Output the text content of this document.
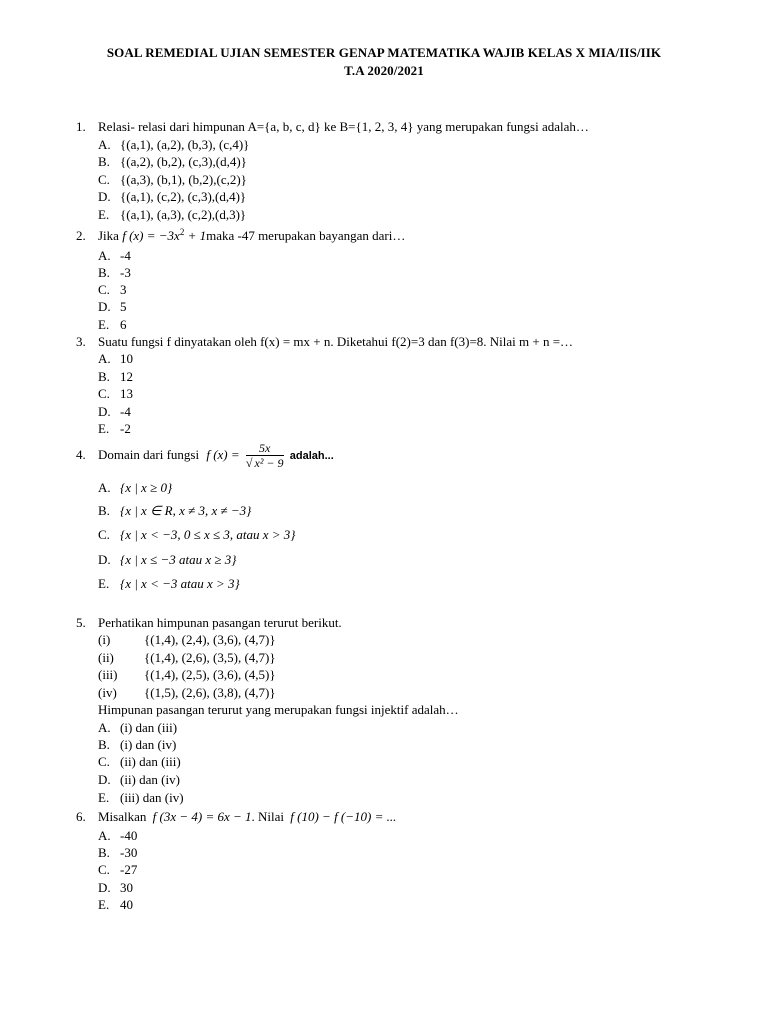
SOAL REMEDIAL UJIAN SEMESTER GENAP MATEMATIKA WAJIB KELAS X MIA/IIS/IIK
T.A 2020/2021
1. Relasi- relasi dari himpunan A={a, b, c, d} ke B={1, 2, 3, 4} yang merupakan fungsi adalah…
A. {(a,1), (a,2), (b,3), (c,4)}
B. {(a,2), (b,2), (c,3),(d,4)}
C. {(a,3), (b,1), (b,2),(c,2)}
D. {(a,1), (c,2), (c,3),(d,4)}
E. {(a,1), (a,3), (c,2),(d,3)}
2. Jika f $(x) = -3x^2$ + 1maka -47 merupakan bayangan dari…
A. -4
B. -3
C. 3
D. 5
E. 6
3. Suatu fungsi f dinyatakan oleh f(x) = mx + n. Diketahui f(2)=3 dan f(3)=8. Nilai m + n =…
A. 10
B. 12
C. 13
D. -4
E. -2
4. Domain dari fungsi f $(x) = \frac{5x}{\text{√ x² − 9}}$ adalah...
A. {x | x ≥ 0}
B. {x | x ∈ R, x ≠ 3, x ≠ −3}
C. {x | x < −3, 0 ≤ x ≤ 3, atau x > 3}
D. {x | x ≤ −3 atau x ≥ 3}
E. {x | x < −3 atau x > 3}
5. Perhatikan himpunan pasangan terurut berikut.
(i)	{(1,4), (2,4), (3,6), (4,7)}
(ii) {(1,4), (2,6), (3,5), (4,7)}
(iii) {(1,4), (2,5), (3,6), (4,5)}
(iv) {(1,5), (2,6), (3,8), (4,7)}
Himpunan pasangan terurut yang merupakan fungsi injektif adalah…
A. (i) dan (iii)
B. (i) dan (iv)
C. (ii) dan (iii)
D. (ii) dan (iv)
E. (iii) dan (iv)
6. Misalkan f (3x − 4) = 6x − 1. Nilai f (10) − f (−10) = ...
A. -40
B. -30
C. -27
D. 30
E. 40
